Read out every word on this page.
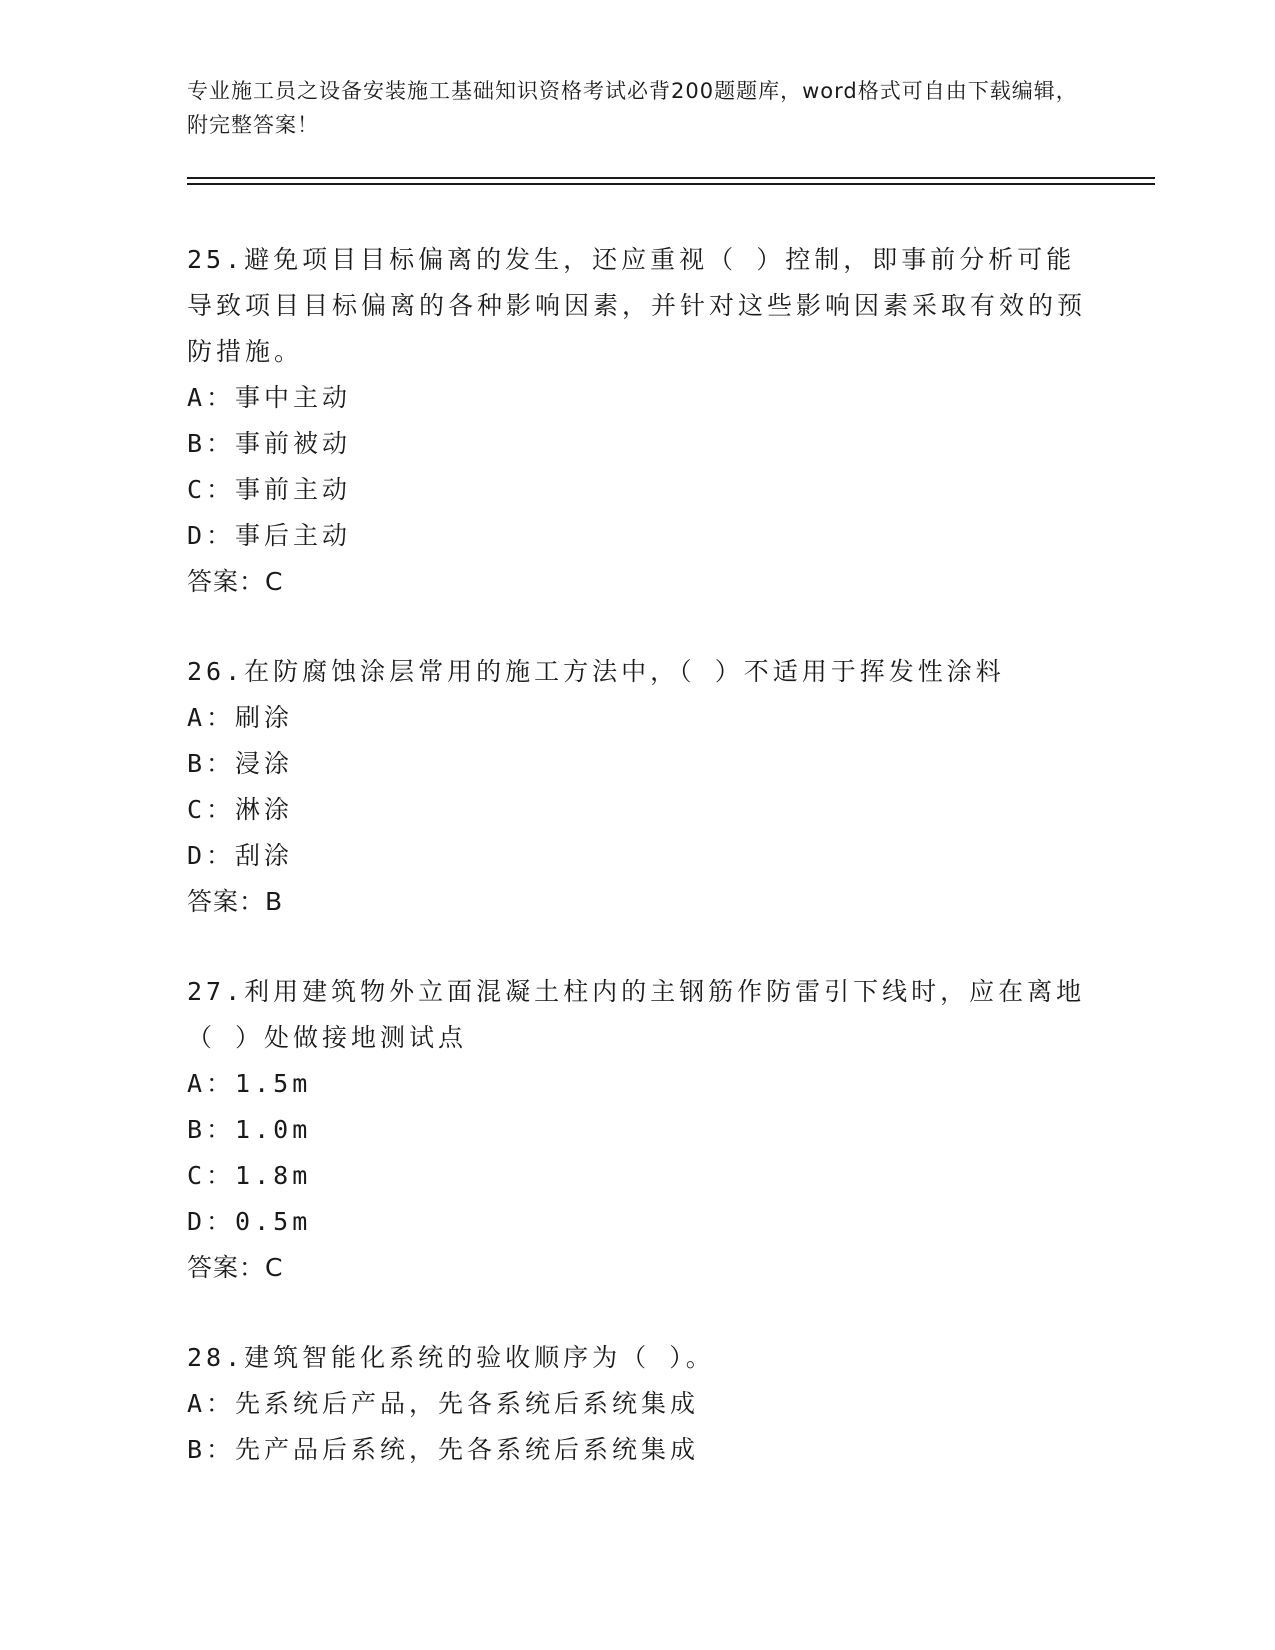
专业施工员之设备安装施工基础知识资格考试必背200题题库，word格式可自由下载编辑，附完整答案！
25.避免项目目标偏离的发生，还应重视（ ）控制，即事前分析可能导致项目目标偏离的各种影响因素，并针对这些影响因素采取有效的预防措施。
A：事中主动
B：事前被动
C：事前主动
D：事后主动
答案：C
26.在防腐蚀涂层常用的施工方法中，（ ）不适用于挥发性涂料
A：刷涂
B：浸涂
C：淋涂
D：刮涂
答案：B
27.利用建筑物外立面混凝土柱内的主钢筋作防雷引下线时，应在离地（ ）处做接地测试点
A：1.5m
B：1.0m
C：1.8m
D：0.5m
答案：C
28.建筑智能化系统的验收顺序为（ ）。
A：先系统后产品，先各系统后系统集成
B：先产品后系统，先各系统后系统集成
